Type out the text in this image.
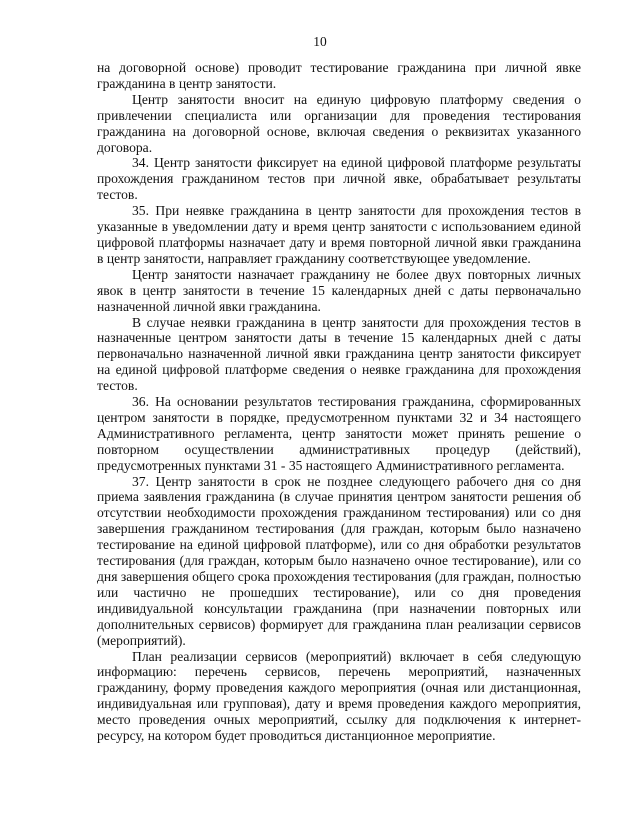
10

на договорной основе) проводит тестирование гражданина при личной явке гражданина в центр занятости.

Центр занятости вносит на единую цифровую платформу сведения о привлечении специалиста или организации для проведения тестирования гражданина на договорной основе, включая сведения о реквизитах указанного договора.

34. Центр занятости фиксирует на единой цифровой платформе результаты прохождения гражданином тестов при личной явке, обрабатывает результаты тестов.

35. При неявке гражданина в центр занятости для прохождения тестов в указанные в уведомлении дату и время центр занятости с использованием единой цифровой платформы назначает дату и время повторной личной явки гражданина в центр занятости, направляет гражданину соответствующее уведомление.

Центр занятости назначает гражданину не более двух повторных личных явок в центр занятости в течение 15 календарных дней с даты первоначально назначенной личной явки гражданина.

В случае неявки гражданина в центр занятости для прохождения тестов в назначенные центром занятости даты в течение 15 календарных дней с даты первоначально назначенной личной явки гражданина центр занятости фиксирует на единой цифровой платформе сведения о неявке гражданина для прохождения тестов.

36. На основании результатов тестирования гражданина, сформированных центром занятости в порядке, предусмотренном пунктами 32 и 34 настоящего Административного регламента, центр занятости может принять решение о повторном осуществлении административных процедур (действий), предусмотренных пунктами 31 - 35 настоящего Административного регламента.

37. Центр занятости в срок не позднее следующего рабочего дня со дня приема заявления гражданина (в случае принятия центром занятости решения об отсутствии необходимости прохождения гражданином тестирования) или со дня завершения гражданином тестирования (для граждан, которым было назначено тестирование на единой цифровой платформе), или со дня обработки результатов тестирования (для граждан, которым было назначено очное тестирование), или со дня завершения общего срока прохождения тестирования (для граждан, полностью или частично не прошедших тестирование), или со дня проведения индивидуальной консультации гражданина (при назначении повторных или дополнительных сервисов) формирует для гражданина план реализации сервисов (мероприятий).

План реализации сервисов (мероприятий) включает в себя следующую информацию: перечень сервисов, перечень мероприятий, назначенных гражданину, форму проведения каждого мероприятия (очная или дистанционная, индивидуальная или групповая), дату и время проведения каждого мероприятия, место проведения очных мероприятий, ссылку для подключения к интернет-ресурсу, на котором будет проводиться дистанционное мероприятие.
